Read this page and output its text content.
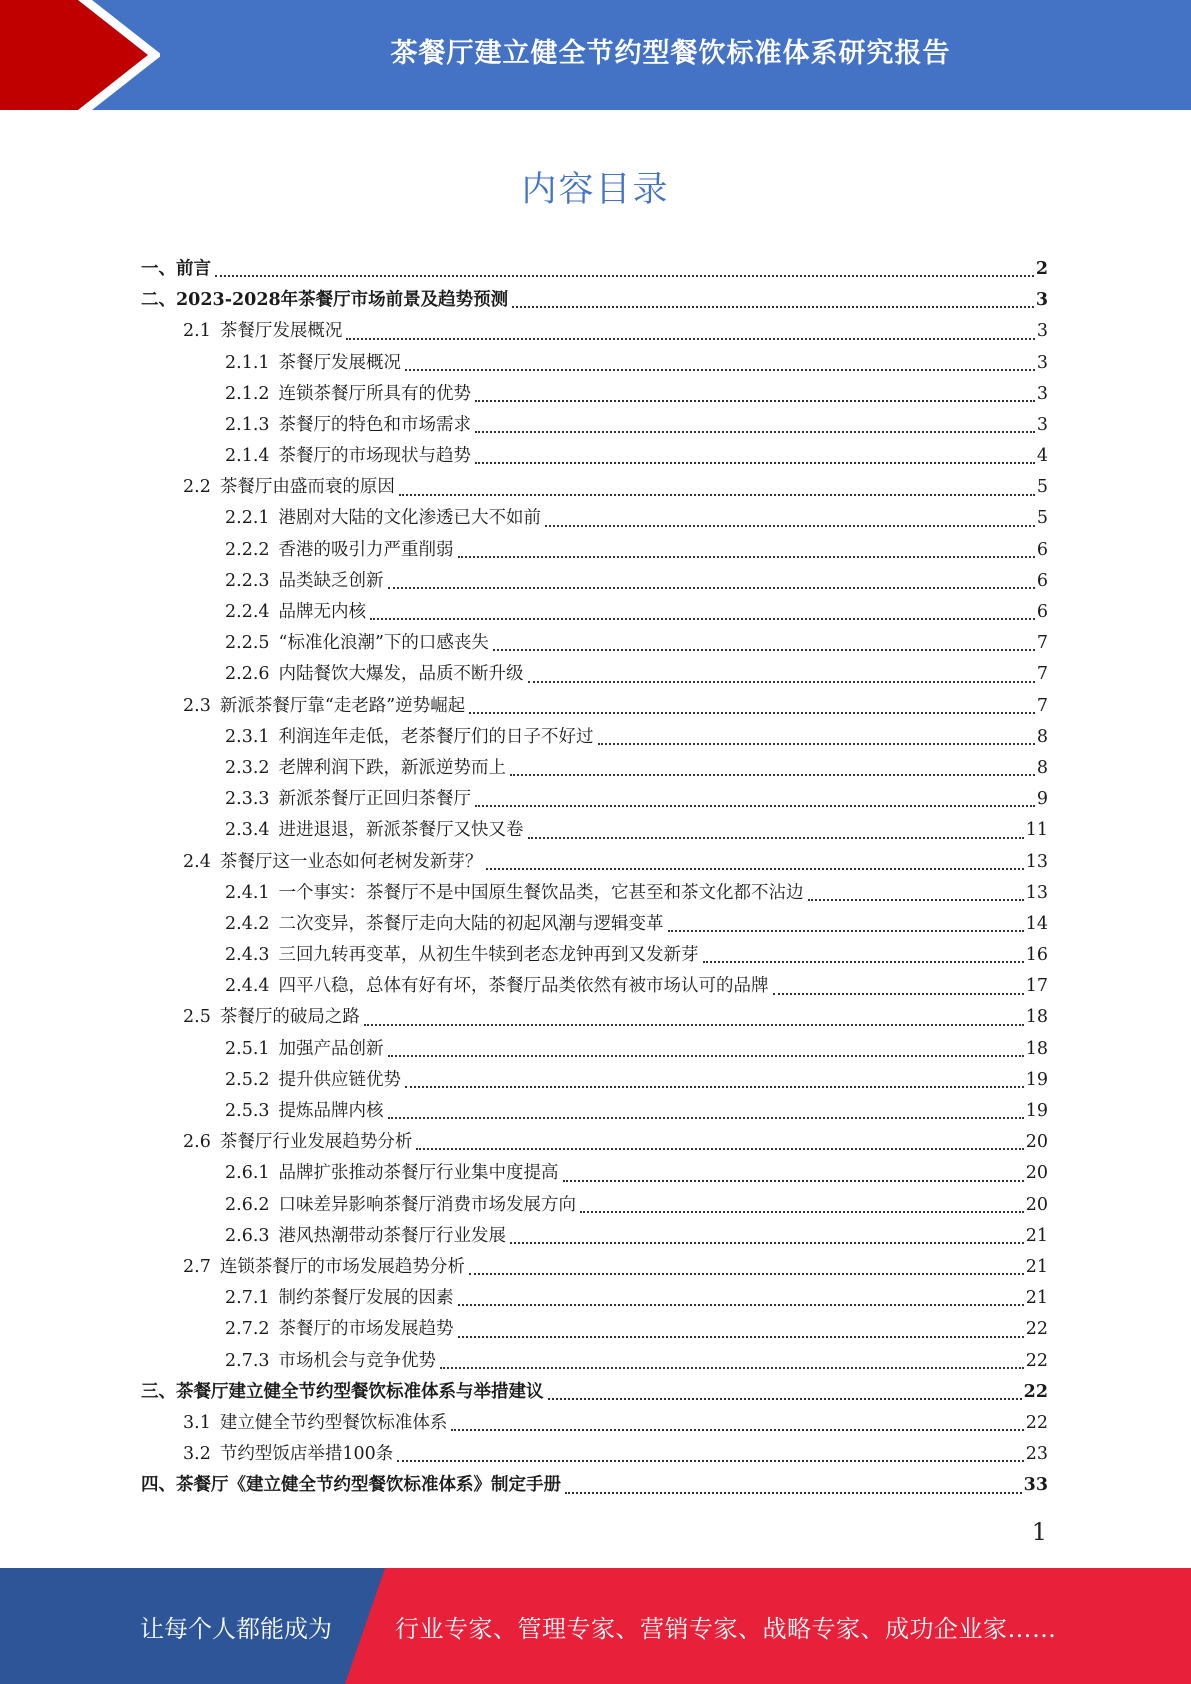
茶餐厅建立健全节约型餐饮标准体系研究报告
内容目录
一、前言	2
二、2023-2028年茶餐厅市场前景及趋势预测	3
2.1 茶餐厅发展概况	3
2.1.1 茶餐厅发展概况	3
2.1.2 连锁茶餐厅所具有的优势	3
2.1.3 茶餐厅的特色和市场需求	3
2.1.4 茶餐厅的市场现状与趋势	4
2.2 茶餐厅由盛而衰的原因	5
2.2.1 港剧对大陆的文化渗透已大不如前	5
2.2.2 香港的吸引力严重削弱	6
2.2.3 品类缺乏创新	6
2.2.4 品牌无内核	6
2.2.5 “标准化浪潮”下的口感丧失	7
2.2.6 内陆餐饮大爆发，品质不断升级	7
2.3 新派茶餐厅靠“走老路”逆势崛起	7
2.3.1 利润连年走低，老茶餐厅们的日子不好过	8
2.3.2 老牌利润下跌，新派逆势而上	8
2.3.3 新派茶餐厅正回归茶餐厅	9
2.3.4 进进退退，新派茶餐厅又快又卷	11
2.4 茶餐厅这一业态如何老树发新芽？	13
2.4.1 一个事实：茶餐厅不是中国原生餐饮品类，它甚至和茶文化都不沾边	13
2.4.2 二次变异，茶餐厅走向大陆的初起风潮与逻辑变革	14
2.4.3 三回九转再变革，从初生牛犊到老态龙钟再到又发新芽	16
2.4.4 四平八稳，总体有好有坏，茶餐厅品类依然有被市场认可的品牌	17
2.5 茶餐厅的破局之路	18
2.5.1 加强产品创新	18
2.5.2 提升供应链优势	19
2.5.3 提炼品牌内核	19
2.6 茶餐厅行业发展趋势分析	20
2.6.1 品牌扩张推动茶餐厅行业集中度提高	20
2.6.2 口味差异影响茶餐厅消费市场发展方向	20
2.6.3 港风热潮带动茶餐厅行业发展	21
2.7 连锁茶餐厅的市场发展趋势分析	21
2.7.1 制约茶餐厅发展的因素	21
2.7.2 茶餐厅的市场发展趋势	22
2.7.3 市场机会与竞争优势	22
三、茶餐厅建立健全节约型餐饮标准体系与举措建议	22
3.1 建立健全节约型餐饮标准体系	22
3.2 节约型饭店举措100条	23
四、茶餐厅《建立健全节约型餐饮标准体系》制定手册	33
1
让每个人都能成为	行业专家、管理专家、营销专家、战略专家、成功企业家……
